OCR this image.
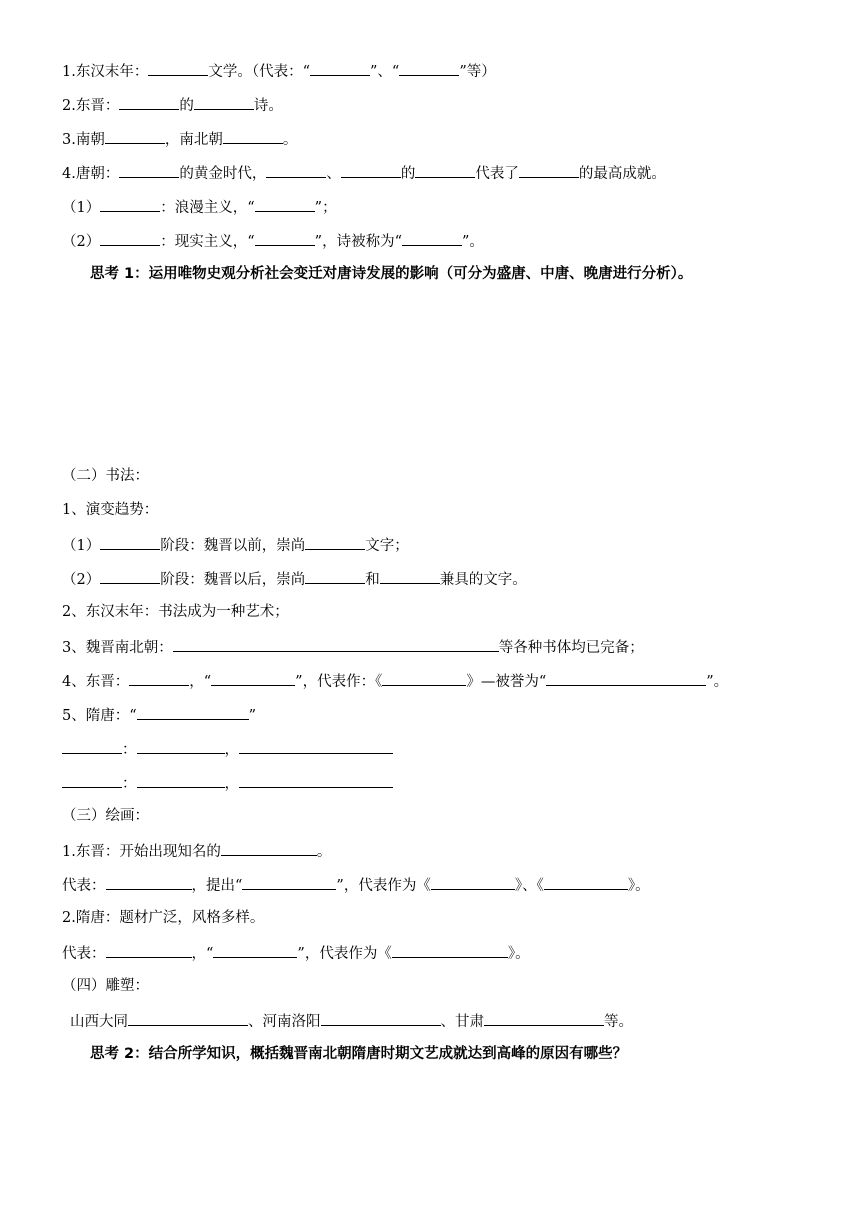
1.东汉末年：	文学。（代表：“	”、“	”等）
2.东晋：	的	诗。
3.南朝	，南北朝	。
4.唐朝：	的黄金时代，	、	的	代表了	的最高成就。
（1）	：浪漫主义，“	”；
（2）	：现实主义，“	”，诗被称为“	”。
思考 1：运用唯物史观分析社会变迁对唐诗发展的影响（可分为盛唐、中唐、晚唐进行分析）。
（二）书法：
1、演变趋势：
（1）	阶段：魏晋以前，崇尚	文字；
（2）	阶段：魏晋以后，崇尚	和	兼具的文字。
2、东汉末年：书法成为一种艺术；
3、魏晋南北朝：	等各种书体均已完备；
4、东晋：	，“	”，代表作：《	》—被誉为“	”。
5、隋唐：“	”
：	，
：	，
（三）绘画：
1.东晋：开始出现知名的	。
代表：	，提出“	”，代表作为《	》、《	》。
2.隋唐：题材广泛，风格多样。
代表：	，“	”，代表作为《	》。
（四）雕塑：
山西大同	、河南洛阳	、甘肃	等。
思考 2：结合所学知识，概括魏晋南北朝隋唐时期文艺成就达到高峰的原因有哪些？
